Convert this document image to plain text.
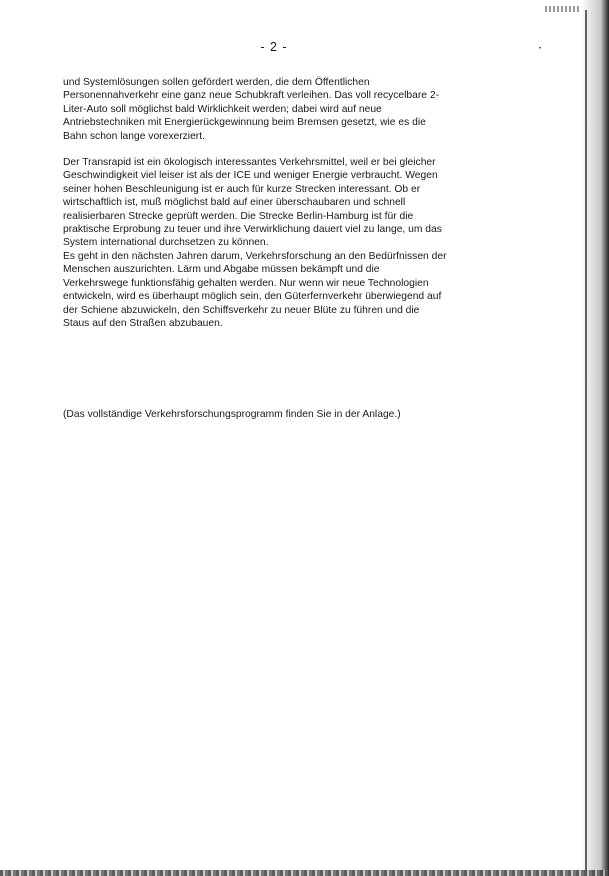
- 2 -

und Systemlösungen sollen gefördert werden, die dem Öffentlichen
Personennahverkehr eine ganz neue Schubkraft verleihen. Das voll recycelbare 2-
Liter-Auto soll möglichst bald Wirklichkeit werden; dabei wird auf neue
Antriebstechniken mit Energierückgewinnung beim Bremsen gesetzt, wie es die
Bahn schon lange vorexerziert.

Der Transrapid ist ein ökologisch interessantes Verkehrsmittel, weil er bei gleicher
Geschwindigkeit viel leiser ist als der ICE und weniger Energie verbraucht. Wegen
seiner hohen Beschleunigung ist er auch für kurze Strecken interessant. Ob er
wirtschaftlich ist, muß möglichst bald auf einer überschaubaren und schnell
realisierbaren Strecke geprüft werden. Die Strecke Berlin-Hamburg ist für die
praktische Erprobung zu teuer und ihre Verwirklichung dauert viel zu lange, um das
System international durchsetzen zu können.

Es geht in den nächsten Jahren darum, Verkehrsforschung an den Bedürfnissen der
Menschen auszurichten. Lärm und Abgabe müssen bekämpft und die
Verkehrswege funktionsfähig gehalten werden. Nur wenn wir neue Technologien
entwickeln, wird es überhaupt möglich sein, den Güterfernverkehr überwiegend auf
der Schiene abzuwickeln, den Schiffsverkehr zu neuer Blüte zu führen und die
Staus auf den Straßen abzubauen.

(Das vollständige Verkehrsforschungsprogramm finden Sie in der Anlage.)
•
